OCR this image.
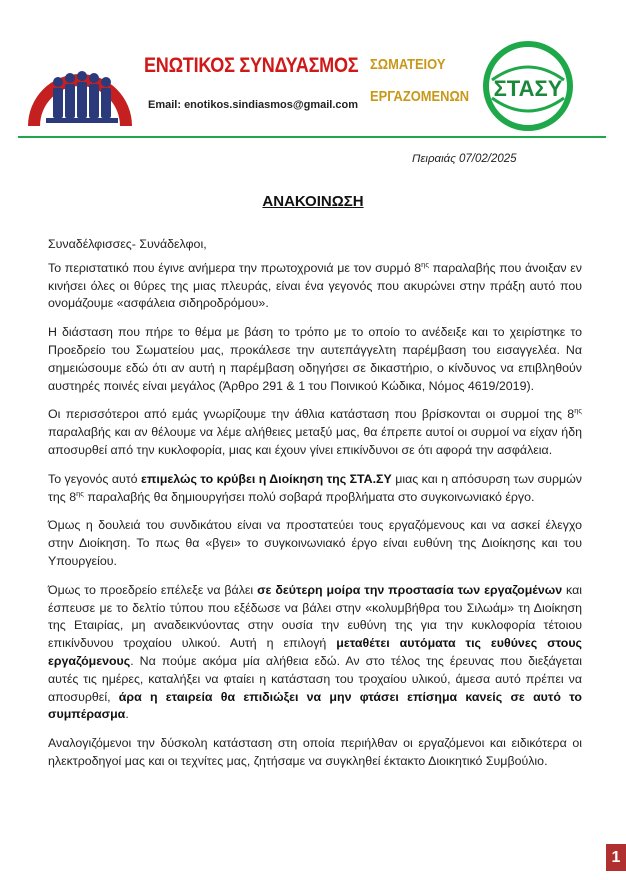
ΕΝΩΤΙΚΟΣ ΣΥΝΔΥΑΣΜΟΣ ΣΩΜΑΤΕΙΟΥ
ΕΡΓΑΖΟΜΕΝΩΝ
Email: enotikos.sindiasmos@gmail.com
ΣΤΑΣΥ
Πειραιάς 07/02/2025
ΑΝΑΚΟΙΝΩΣΗ

Συναδέλφισσες- Συνάδελφοι,

Το περιστατικό που έγινε ανήμερα την πρωτοχρονιά με τον συρμό $8^{\eta\varsigma}$ παραλαβής που άνοιξαν εν κινήσει όλες οι θύρες της μιας πλευράς, είναι ένα γεγονός που ακυρώνει στην πράξη αυτό που ονομάζουμε «ασφάλεια σιδηροδρόμου».

Η διάσταση που πήρε το θέμα με βάση το τρόπο με το οποίο το ανέδειξε και το χειρίστηκε το Προεδρείο του Σωματείου μας, προκάλεσε την αυτεπάγγελτη παρέμβαση του εισαγγελέα. Να σημειώσουμε εδώ ότι αν αυτή η παρέμβαση οδηγήσει σε δικαστήριο, ο κίνδυνος να επιβληθούν αυστηρές ποινές είναι μεγάλος (Άρθρο 291 & 1 του Ποινικού Κώδικα, Νόμος 4619/2019).

Οι περισσότεροι από εμάς γνωρίζουμε την άθλια κατάσταση που βρίσκονται οι συρμοί της $8^{\eta\varsigma}$ παραλαβής και αν θέλουμε να λέμε αλήθειες μεταξύ μας, θα έπρεπε αυτοί οι συρμοί να είχαν ήδη αποσυρθεί από την κυκλοφορία, μιας και έχουν γίνει επικίνδυνοι σε ότι αφορά την ασφάλεια.

Το γεγονός αυτό επιμελώς το κρύβει η Διοίκηση της ΣΤΑ.ΣΥ μιας και η απόσυρση των συρμών της $8^{\eta\varsigma}$ παραλαβής θα δημιουργήσει πολύ σοβαρά προβλήματα στο συγκοινωνιακό έργο.

Όμως η δουλειά του συνδικάτου είναι να προστατεύει τους εργαζόμενους και να ασκεί έλεγχο στην Διοίκηση. Το πως θα «βγει» το συγκοινωνιακό έργο είναι ευθύνη της Διοίκησης και του Υπουργείου.

Όμως το προεδρείο επέλεξε να βάλει σε δεύτερη μοίρα την προστασία των εργαζομένων και έσπευσε με το δελτίο τύπου που εξέδωσε να βάλει στην «κολυμβήθρα του Σιλωάμ» τη Διοίκηση της Εταιρίας, μη αναδεικνύοντας στην ουσία την ευθύνη της για την κυκλοφορία τέτοιου επικίνδυνου τροχαίου υλικού. Αυτή η επιλογή μεταθέτει αυτόματα τις ευθύνες στους εργαζόμενους. Να πούμε ακόμα μία αλήθεια εδώ. Αν στο τέλος της έρευνας που διεξάγεται αυτές τις ημέρες, καταλήξει να φταίει η κατάσταση του τροχαίου υλικού, άμεσα αυτό πρέπει να αποσυρθεί, άρα η εταιρεία θα επιδιώξει να μην φτάσει επίσημα κανείς σε αυτό το συμπέρασμα.

Αναλογιζόμενοι την δύσκολη κατάσταση στη οποία περιήλθαν οι εργαζόμενοι και ειδικότερα οι ηλεκτροδηγοί μας και οι τεχνίτες μας, ζητήσαμε να συγκληθεί έκτακτο Διοικητικό Συμβούλιο.

1
